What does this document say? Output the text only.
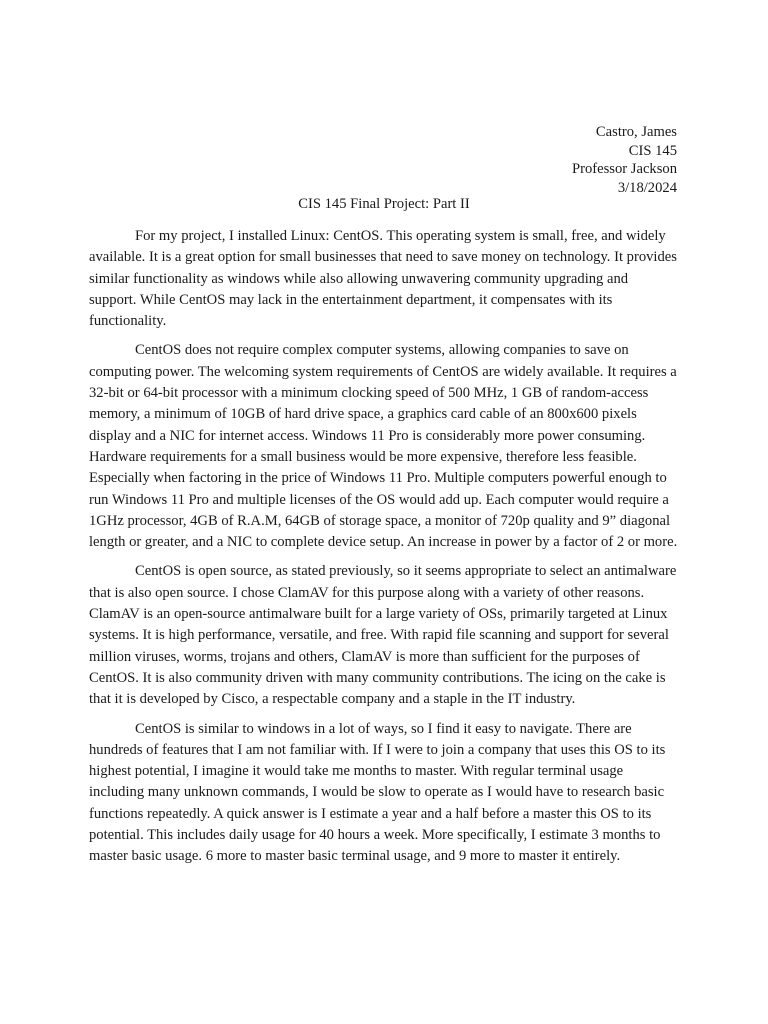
Castro, James
CIS 145
Professor Jackson
3/18/2024
CIS 145 Final Project: Part II

For my project, I installed Linux: CentOS. This operating system is small, free, and widely available. It is a great option for small businesses that need to save money on technology. It provides similar functionality as windows while also allowing unwavering community upgrading and support. While CentOS may lack in the entertainment department, it compensates with its functionality.

CentOS does not require complex computer systems, allowing companies to save on computing power. The welcoming system requirements of CentOS are widely available. It requires a 32-bit or 64-bit processor with a minimum clocking speed of 500 MHz, 1 GB of random-access memory, a minimum of 10GB of hard drive space, a graphics card cable of an 800x600 pixels display and a NIC for internet access. Windows 11 Pro is considerably more power consuming. Hardware requirements for a small business would be more expensive, therefore less feasible. Especially when factoring in the price of Windows 11 Pro. Multiple computers powerful enough to run Windows 11 Pro and multiple licenses of the OS would add up. Each computer would require a 1GHz processor, 4GB of R.A.M, 64GB of storage space, a monitor of 720p quality and 9” diagonal length or greater, and a NIC to complete device setup. An increase in power by a factor of 2 or more.

CentOS is open source, as stated previously, so it seems appropriate to select an antimalware that is also open source. I chose ClamAV for this purpose along with a variety of other reasons. ClamAV is an open-source antimalware built for a large variety of OSs, primarily targeted at Linux systems. It is high performance, versatile, and free. With rapid file scanning and support for several million viruses, worms, trojans and others, ClamAV is more than sufficient for the purposes of CentOS. It is also community driven with many community contributions. The icing on the cake is that it is developed by Cisco, a respectable company and a staple in the IT industry.

CentOS is similar to windows in a lot of ways, so I find it easy to navigate. There are hundreds of features that I am not familiar with. If I were to join a company that uses this OS to its highest potential, I imagine it would take me months to master. With regular terminal usage including many unknown commands, I would be slow to operate as I would have to research basic functions repeatedly. A quick answer is I estimate a year and a half before a master this OS to its potential. This includes daily usage for 40 hours a week. More specifically, I estimate 3 months to master basic usage. 6 more to master basic terminal usage, and 9 more to master it entirely.
